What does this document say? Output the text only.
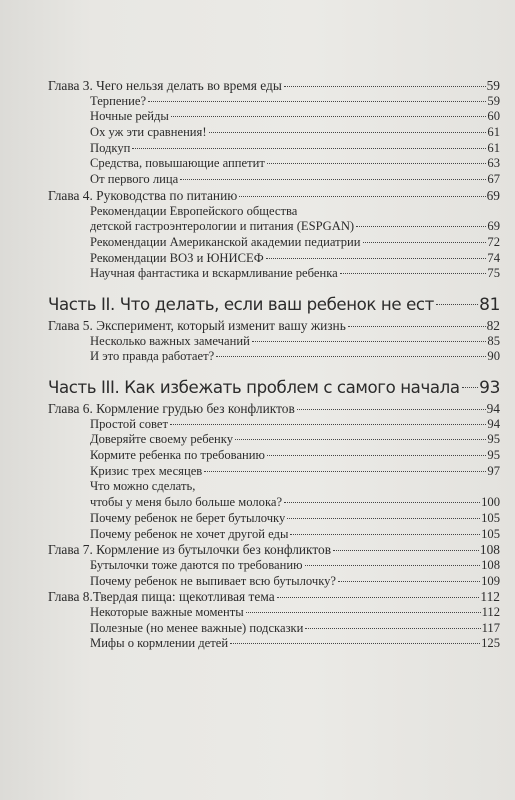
Глава 3. Чего нельзя делать во время еды	59
Терпение?	59
Ночные рейды	60
Ох уж эти сравнения!	61
Подкуп	61
Средства, повышающие аппетит	63
От первого лица	67
Глава 4. Руководства по питанию	69
Рекомендации Европейского общества
детской гастроэнтерологии и питания (ESPGAN)	69
Рекомендации Американской академии педиатрии	72
Рекомендации ВОЗ и ЮНИСЕФ	74
Научная фантастика и вскармливание ребенка	75
Часть II. Что делать, если ваш ребенок не ест	81
Глава 5. Эксперимент, который изменит вашу жизнь	82
Несколько важных замечаний	85
И это правда работает?	90
Часть III. Как избежать проблем с самого начала 93
Глава 6. Кормление грудью без конфликтов	94
Простой совет	94
Доверяйте своему ребенку	95
Кормите ребенка по требованию	95
Кризис трех месяцев	97
Что можно сделать,
чтобы у меня было больше молока?	100
Почему ребенок не берет бутылочку	105
Почему ребенок не хочет другой еды	105
Глава 7. Кормление из бутылочки без конфликтов	108
Бутылочки тоже даются по требованию	108
Почему ребенок не выпивает всю бутылочку?	109
Глава 8.Твердая пища: щекотливая тема	112
Некоторые важные моменты	112
Полезные (но менее важные) подсказки	117
Мифы о кормлении детей	125
